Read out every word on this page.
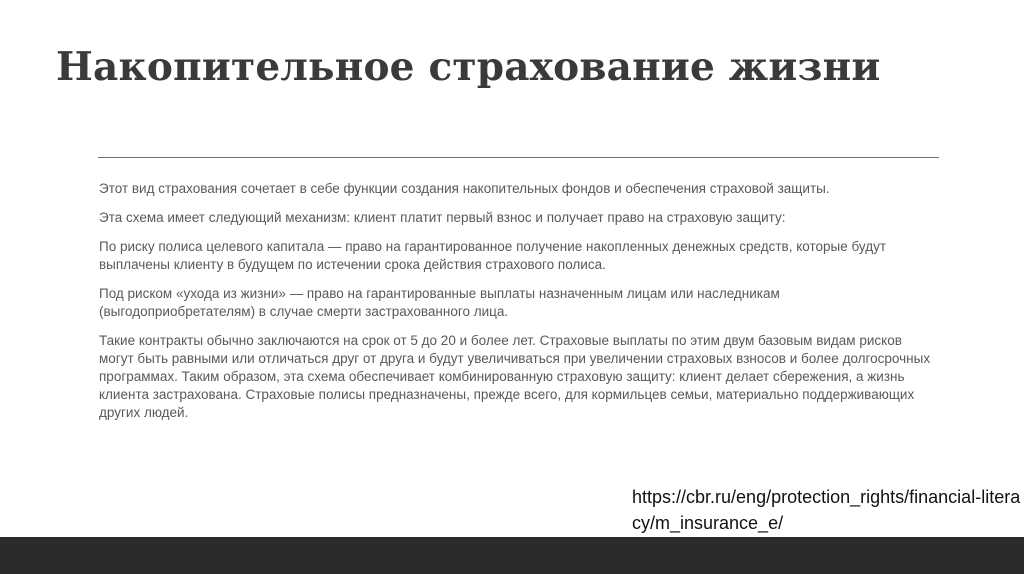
Накопительное страхование жизни

Этот вид страхования сочетает в себе функции создания накопительных фондов и обеспечения страховой защиты.

Эта схема имеет следующий механизм: клиент платит первый взнос и получает право на страховую защиту:

По риску полиса целевого капитала — право на гарантированное получение накопленных денежных средств, которые будут выплачены клиенту в будущем по истечении срока действия страхового полиса.

Под риском «ухода из жизни» — право на гарантированные выплаты назначенным лицам или наследникам (выгодоприобретателям) в случае смерти застрахованного лица.

Такие контракты обычно заключаются на срок от 5 до 20 и более лет. Страховые выплаты по этим двум базовым видам рисков могут быть равными или отличаться друг от друга и будут увеличиваться при увеличении страховых взносов и более долгосрочных программах. Таким образом, эта схема обеспечивает комбинированную страховую защиту: клиент делает сбережения, а жизнь клиента застрахована. Страховые полисы предназначены, прежде всего, для кормильцев семьи, материально поддерживающих других людей.

https://cbr.ru/eng/protection_rights/financial-literacy/m_insurance_e/
